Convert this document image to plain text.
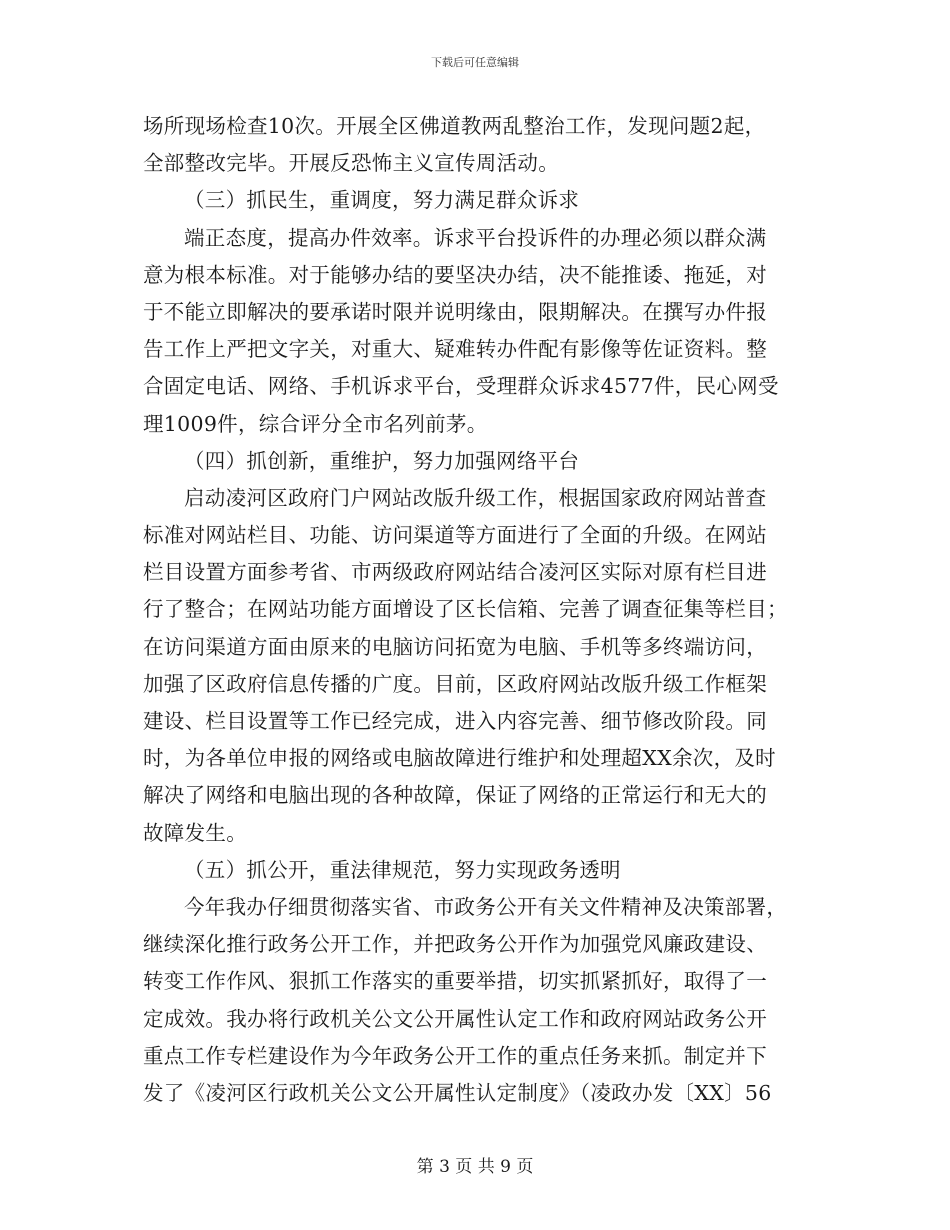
下载后可任意编辑
场所现场检查10次。开展全区佛道教两乱整治工作，发现问题2起，
全部整改完毕。开展反恐怖主义宣传周活动。
（三）抓民生，重调度，努力满足群众诉求
端正态度，提高办件效率。诉求平台投诉件的办理必须以群众满
意为根本标准。对于能够办结的要坚决办结，决不能推诿、拖延，对
于不能立即解决的要承诺时限并说明缘由，限期解决。在撰写办件报
告工作上严把文字关，对重大、疑难转办件配有影像等佐证资料。整
合固定电话、网络、手机诉求平台，受理群众诉求4577件，民心网受
理1009件，综合评分全市名列前茅。
（四）抓创新，重维护，努力加强网络平台
启动凌河区政府门户网站改版升级工作，根据国家政府网站普查
标准对网站栏目、功能、访问渠道等方面进行了全面的升级。在网站
栏目设置方面参考省、市两级政府网站结合凌河区实际对原有栏目进
行了整合；在网站功能方面增设了区长信箱、完善了调查征集等栏目；
在访问渠道方面由原来的电脑访问拓宽为电脑、手机等多终端访问，
加强了区政府信息传播的广度。目前，区政府网站改版升级工作框架
建设、栏目设置等工作已经完成，进入内容完善、细节修改阶段。同
时，为各单位申报的网络或电脑故障进行维护和处理超XX余次，及时
解决了网络和电脑出现的各种故障，保证了网络的正常运行和无大的
故障发生。
（五）抓公开，重法律规范，努力实现政务透明
今年我办仔细贯彻落实省、市政务公开有关文件精神及决策部署，
继续深化推行政务公开工作，并把政务公开作为加强党风廉政建设、
转变工作作风、狠抓工作落实的重要举措，切实抓紧抓好，取得了一
定成效。我办将行政机关公文公开属性认定工作和政府网站政务公开
重点工作专栏建设作为今年政务公开工作的重点任务来抓。制定并下
发了《凌河区行政机关公文公开属性认定制度》（凌政办发〔XX〕56
第 3 页 共 9 页
